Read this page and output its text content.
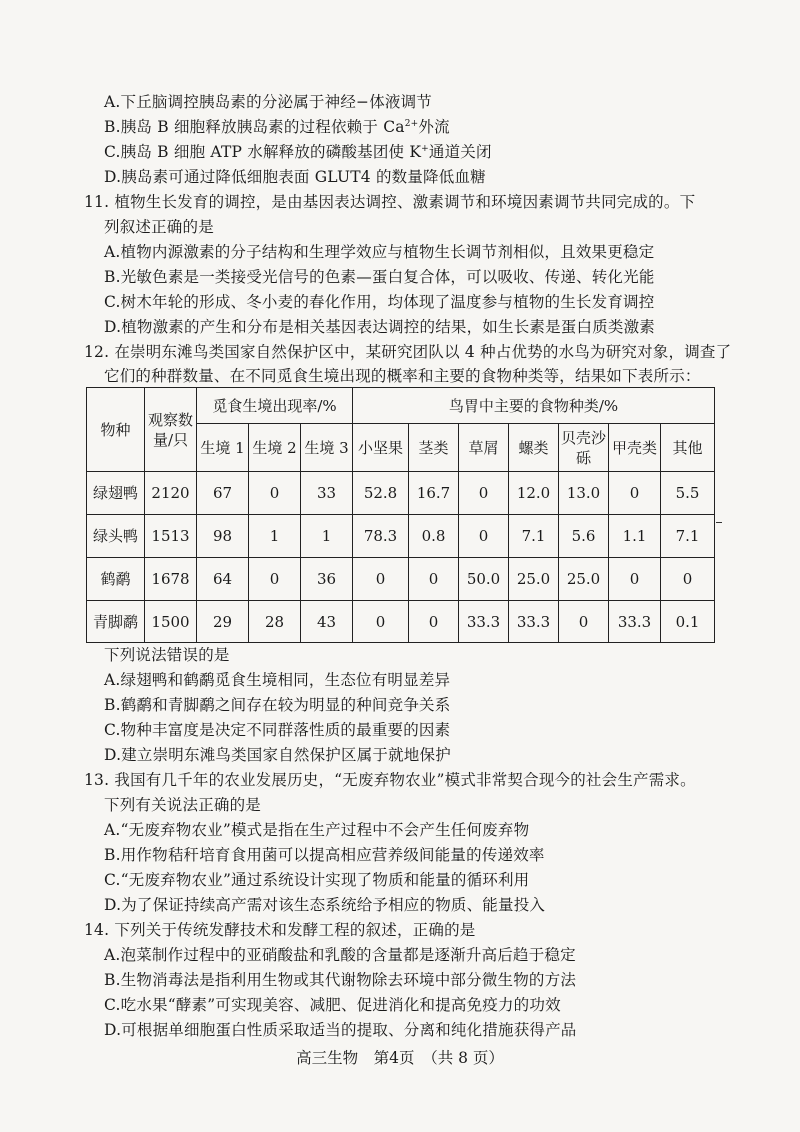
A.下丘脑调控胰岛素的分泌属于神经−体液调节
B.胰岛 B 细胞释放胰岛素的过程依赖于 $Ca^{2+}$外流
C.胰岛 B 细胞 ATP 水解释放的磷酸基团使 K+通道关闭
D.胰岛素可通过降低细胞表面 GLUT4 的数量降低血糖
11. 植物生长发育的调控，是由基因表达调控、激素调节和环境因素调节共同完成的。下
列叙述正确的是
A.植物内源激素的分子结构和生理学效应与植物生长调节剂相似，且效果更稳定
B.光敏色素是一类接受光信号的色素—蛋白复合体，可以吸收、传递、转化光能
C.树木年轮的形成、冬小麦的春化作用，均体现了温度参与植物的生长发育调控
D.植物激素的产生和分布是相关基因表达调控的结果，如生长素是蛋白质类激素
12. 在崇明东滩鸟类国家自然保护区中，某研究团队以 4 种占优势的水鸟为研究对象，调查了
它们的种群数量、在不同觅食生境出现的概率和主要的食物种类等，结果如下表所示：
物种	观察数量/只	觅食生境出现率/%			鸟胃中主要的食物种类/%						
		生境 1	生境 2	生境 3	小坚果	茎类	草屑	螺类	贝壳沙砾	甲壳类	其他
绿翅鸭	2120	67	0	33	52.8	16.7	0	12.0	13.0	0	5.5
绿头鸭	1513	98	1	1	78.3	0.8	0	7.1	5.6	1.1	7.1
鹤鹬	1678	64	0	36	0	0	50.0	25.0	25.0	0	0
青脚鹬	1500	29	28	43	0	0	33.3	33.3	0	33.3	0.1
下列说法错误的是
A.绿翅鸭和鹤鹬觅食生境相同，生态位有明显差异
B.鹤鹬和青脚鹬之间存在较为明显的种间竞争关系
C.物种丰富度是决定不同群落性质的最重要的因素
D.建立崇明东滩鸟类国家自然保护区属于就地保护
13. 我国有几千年的农业发展历史，“无废弃物农业”模式非常契合现今的社会生产需求。
下列有关说法正确的是
A.“无废弃物农业”模式是指在生产过程中不会产生任何废弃物
B.用作物秸秆培育食用菌可以提高相应营养级间能量的传递效率
C.“无废弃物农业”通过系统设计实现了物质和能量的循环利用
D.为了保证持续高产需对该生态系统给予相应的物质、能量投入
14. 下列关于传统发酵技术和发酵工程的叙述，正确的是
A.泡菜制作过程中的亚硝酸盐和乳酸的含量都是逐渐升高后趋于稳定
B.生物消毒法是指利用生物或其代谢物除去环境中部分微生物的方法
C.吃水果“酵素”可实现美容、减肥、促进消化和提高免疫力的功效
D.可根据单细胞蛋白性质采取适当的提取、分离和纯化措施获得产品
高三生物　第4页　（共 8 页）
